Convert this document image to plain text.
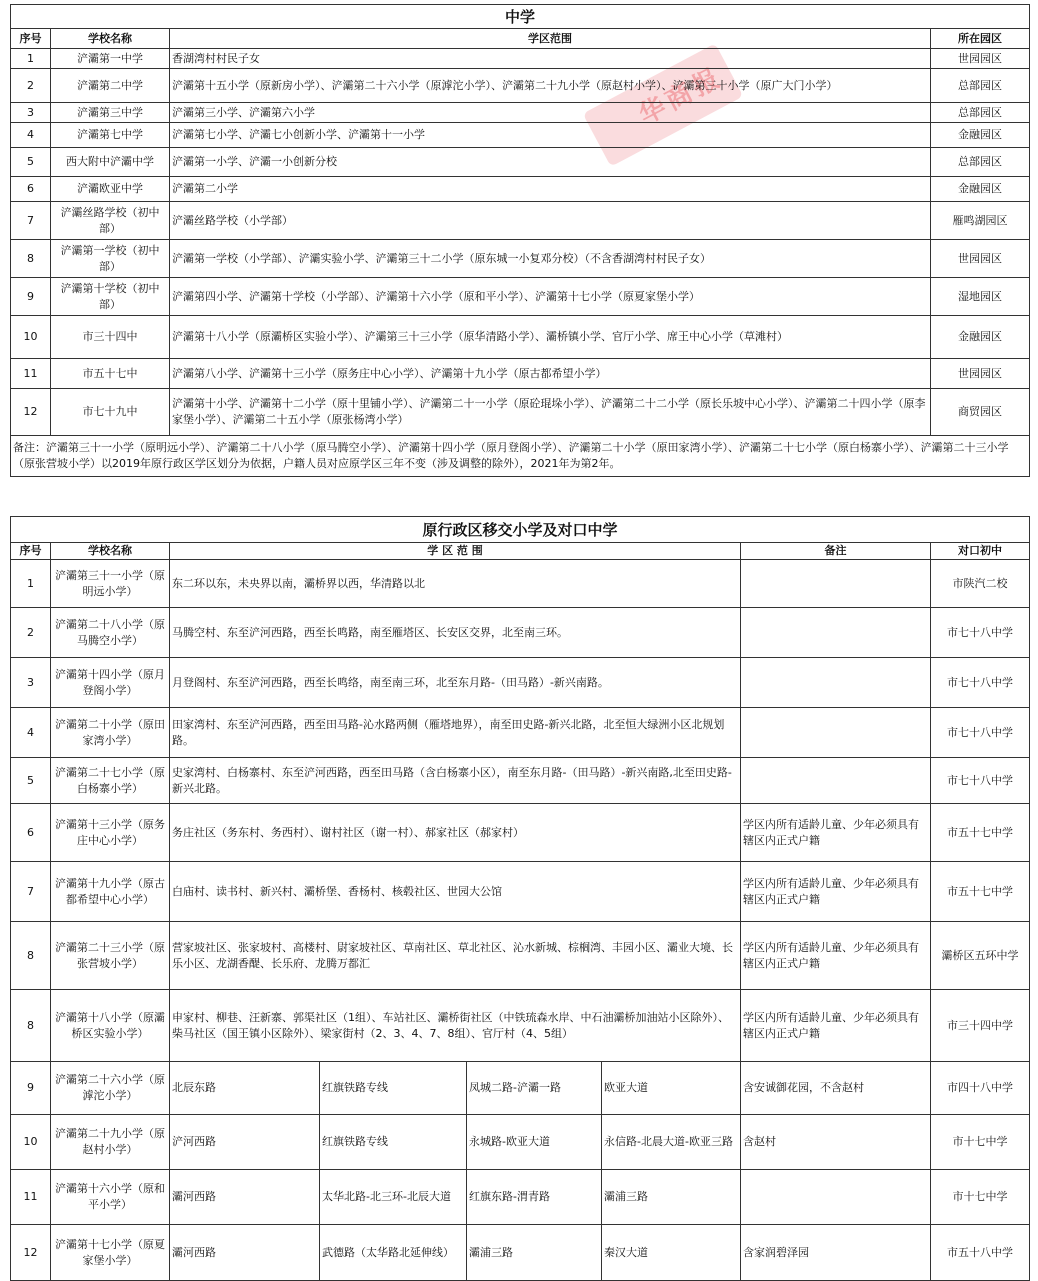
华商报
中学			
序号	学校名称	学区范围	所在园区
1	浐灞第一中学	香湖湾村村民子女	世园园区
2	浐灞第二中学	浐灞第十五小学（原新房小学）、浐灞第二十六小学（原滹沱小学）、浐灞第二十九小学（原赵村小学）、浐灞第三十小学（原广大门小学）	总部园区
3	浐灞第三中学	浐灞第三小学、浐灞第六小学	总部园区
4	浐灞第七中学	浐灞第七小学、浐灞七小创新小学、浐灞第十一小学	金融园区
5	西大附中浐灞中学	浐灞第一小学、浐灞一小创新分校	总部园区
6	浐灞欧亚中学	浐灞第二小学	金融园区
7	浐灞丝路学校（初中部）	浐灞丝路学校（小学部）	雁鸣湖园区
8	浐灞第一学校（初中部）	浐灞第一学校（小学部）、浐灞实验小学、浐灞第三十二小学（原东城一小复邓分校）（不含香湖湾村村民子女）	世园园区
9	浐灞第十学校（初中部）	浐灞第四小学、浐灞第十学校（小学部）、浐灞第十六小学（原和平小学）、浐灞第十七小学（原夏家堡小学）	湿地园区
10	市三十四中	浐灞第十八小学（原灞桥区实验小学）、浐灞第三十三小学（原华清路小学）、灞桥镇小学、官厅小学、席王中心小学（草滩村）	金融园区
11	市五十七中	浐灞第八小学、浐灞第十三小学（原务庄中心小学）、浐灞第十九小学（原古都希望小学）	世园园区
12	市七十九中	浐灞第十小学、浐灞第十二小学（原十里铺小学）、浐灞第二十一小学（原砼琨垛小学）、浐灞第二十二小学（原长乐坡中心小学）、浐灞第二十四小学（原李家堡小学）、浐灞第二十五小学（原张杨湾小学）	商贸园区
备注：浐灞第三十一小学（原明远小学）、浐灞第二十八小学（原马腾空小学）、浐灞第十四小学（原月登阁小学）、浐灞第二十小学（原田家湾小学）、浐灞第二十七小学（原白杨寨小学）、浐灞第二十三小学（原张营坡小学）以2019年原行政区学区划分为依据，户籍人员对应原学区三年不变（涉及调整的除外），2021年为第2年。			
原行政区移交小学及对口中学							
序号	学校名称	学 区 范 围				备注	对口初中
1	浐灞第三十一小学（原明远小学）	东二环以东，未央界以南，灞桥界以西，华清路以北					市陕汽二校
2	浐灞第二十八小学（原马腾空小学）	马腾空村、东至浐河西路，西至长鸣路，南至雁塔区、长安区交界，北至南三环。					市七十八中学
3	浐灞第十四小学（原月登阁小学）	月登阁村、东至浐河西路，西至长鸣络，南至南三环，北至东月路-（田马路）-新兴南路。					市七十八中学
4	浐灞第二十小学（原田家湾小学）	田家湾村、东至浐河西路，西至田马路-沁水路两侧（雁塔地界），南至田史路-新兴北路，北至恒大绿洲小区北规划路。					市七十八中学
5	浐灞第二十七小学（原白杨寨小学）	史家湾村、白杨寨村、东至浐河西路，西至田马路（含白杨寨小区），南至东月路-（田马路）-新兴南路,北至田史路-新兴北路。					市七十八中学
6	浐灞第十三小学（原务庄中心小学）	务庄社区（务东村、务西村）、谢村社区（谢一村）、郝家社区（郝家村）				学区内所有适龄儿童、少年必须具有辖区内正式户籍	市五十七中学
7	浐灞第十九小学（原古都希望中心小学）	白庙村、读书村、新兴村、灞桥堡、香杨村、核毂社区、世园大公馆				学区内所有适龄儿童、少年必须具有辖区内正式户籍	市五十七中学
8	浐灞第二十三小学（原张营坡小学）	营家坡社区、张家坡村、高楼村、尉家坡社区、草南社区、草北社区、沁水新城、棕榈湾、丰园小区、灞业大境、长乐小区、龙湖香醍、长乐府、龙腾万都汇				学区内所有适龄儿童、少年必须具有辖区内正式户籍	灞桥区五环中学
8	浐灞第十八小学（原灞桥区实验小学）	申家村、柳巷、汪新寨、郭渠社区（1组）、车站社区、灞桥街社区（中铁琉森水岸、中石油灞桥加油站小区除外）、柴马社区（国王镇小区除外）、梁家街村（2、3、4、7、8组）、官厅村（4、5组）				学区内所有适龄儿童、少年必须具有辖区内正式户籍	市三十四中学
9	浐灞第二十六小学（原滹沱小学）	北辰东路	红旗铁路专线	凤城二路-浐灞一路	欧亚大道	含安诚御花园，不含赵村	市四十八中学
10	浐灞第二十九小学（原赵村小学）	浐河西路	红旗铁路专线	永城路-欧亚大道	永信路-北晨大道-欧亚三路	含赵村	市十七中学
11	浐灞第十六小学（原和平小学）	灞河西路	太华北路-北三环-北辰大道	红旗东路-渭青路	灞浦三路		市十七中学
12	浐灞第十七小学（原夏家堡小学）	灞河西路	武德路（太华路北延伸线）	灞浦三路	秦汉大道	含家润碧泽园	市五十八中学
